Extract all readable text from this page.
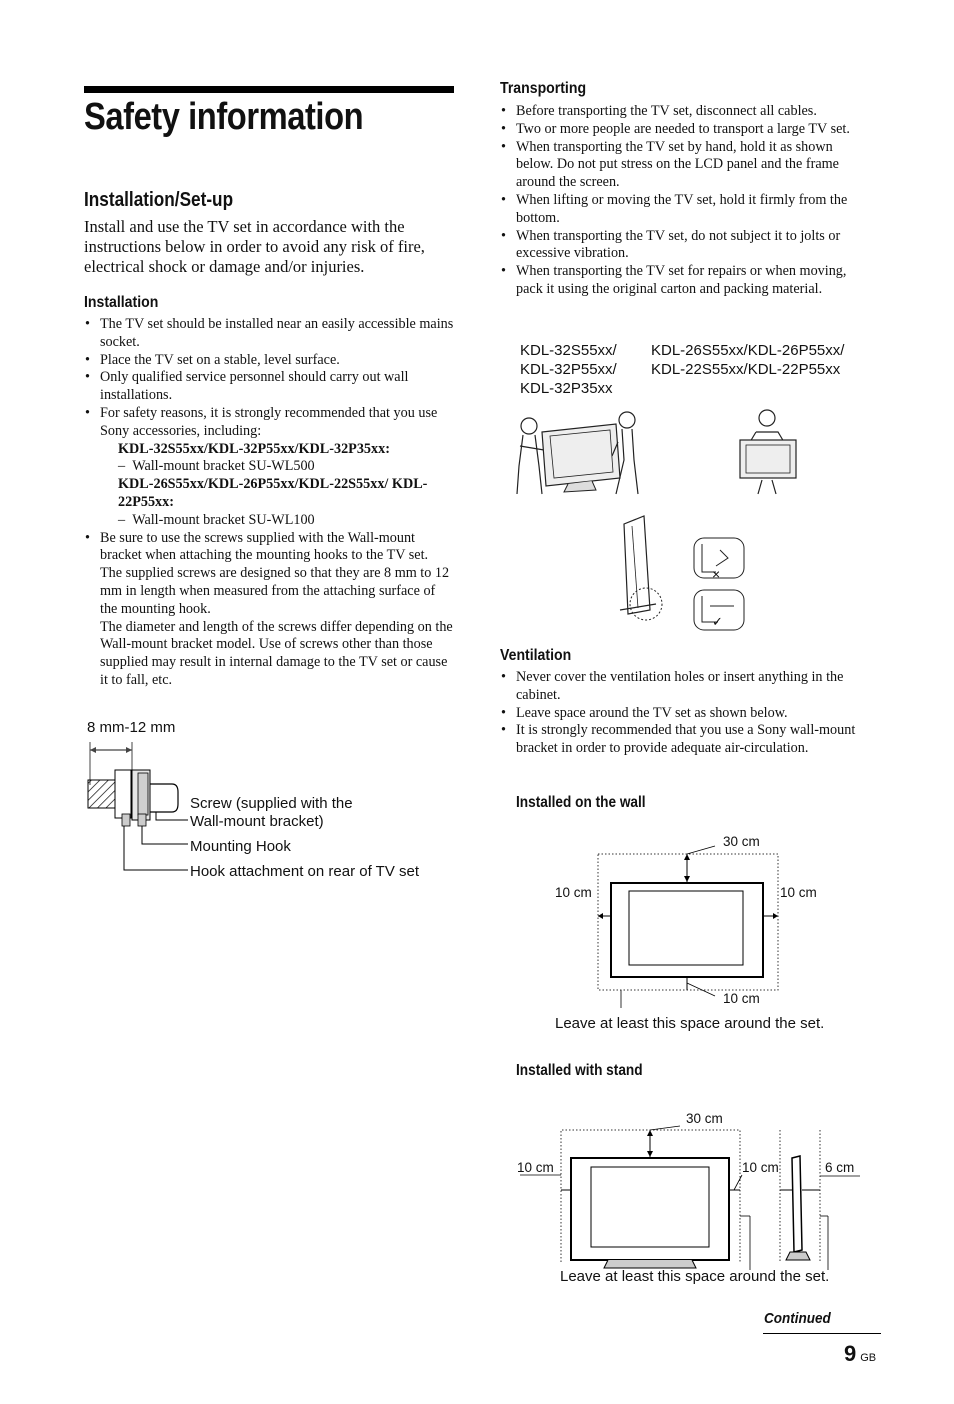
Safety information
Installation/Set-up
Install and use the TV set in accordance with the instructions below in order to avoid any risk of fire, electrical shock or damage and/or injuries.
Installation
• The TV set should be installed near an easily accessible mains socket.
• Place the TV set on a stable, level surface.
• Only qualified service personnel should carry out wall installations.
• For safety reasons, it is strongly recommended that you use Sony accessories, including:
KDL-32S55xx/KDL-32P55xx/KDL-32P35xx:
–  Wall-mount bracket SU-WL500
KDL-26S55xx/KDL-26P55xx/KDL-22S55xx/ KDL-22P55xx:
–  Wall-mount bracket SU-WL100
• Be sure to use the screws supplied with the Wall-mount bracket when attaching the mounting hooks to the TV set.
The supplied screws are designed so that they are 8 mm to 12 mm in length when measured from the attaching surface of the mounting hook.
The diameter and length of the screws differ depending on the Wall-mount bracket model. Use of screws other than those supplied may result in internal damage to the TV set or cause it to fall, etc.
8 mm-12 mm
Screw (supplied with the
Wall-mount bracket)
Mounting Hook
Hook attachment on rear of TV set
Transporting
• Before transporting the TV set, disconnect all cables.
• Two or more people are needed to transport a large TV set.
• When transporting the TV set by hand, hold it as shown below. Do not put stress on the LCD panel and the frame around the screen.
• When lifting or moving the TV set, hold it firmly from the bottom.
• When transporting the TV set, do not subject it to jolts or excessive vibration.
• When transporting the TV set for repairs or when moving, pack it using the original carton and packing material.
KDL-32S55xx/
KDL-32P55xx/
KDL-32P35xx
KDL-26S55xx/KDL-26P55xx/
KDL-22S55xx/KDL-22P55xx
×
✓
Ventilation
• Never cover the ventilation holes or insert anything in the cabinet.
• Leave space around the TV set as shown below.
• It is strongly recommended that you use a Sony wall-mount bracket in order to provide adequate air-circulation.
Installed on the wall
30 cm
10 cm	10 cm
10 cm
Leave at least this space around the set.
Installed with stand
30 cm
10 cm	10 cm	6 cm
Leave at least this space around the set.
Continued
9 GB
